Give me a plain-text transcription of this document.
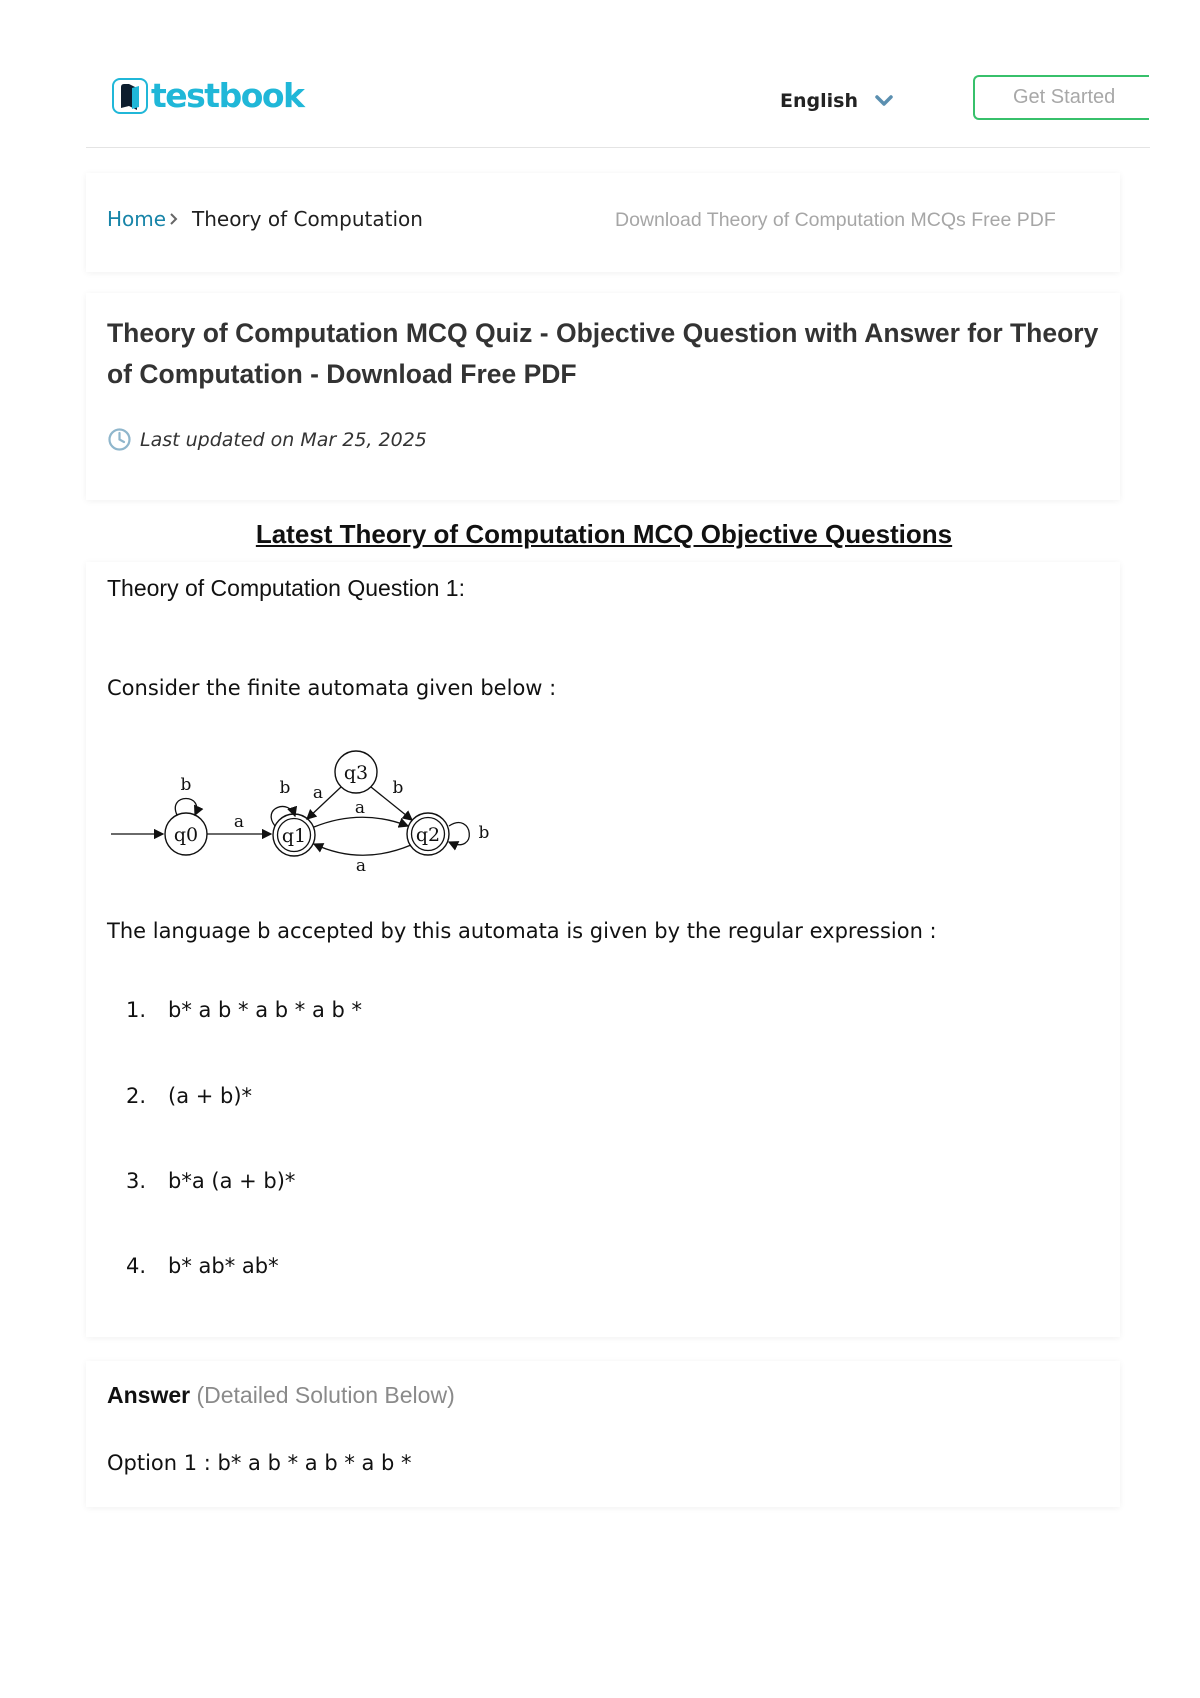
testbook	English	Get Started
Home Theory of Computation	Download Theory of Computation MCQs Free PDF
Theory of Computation MCQ Quiz - Objective Question with Answer for Theory of Computation - Download Free PDF
Last updated on Mar 25, 2025
Latest Theory of Computation MCQ Objective Questions
Theory of Computation Question 1:
Consider the finite automata given below :
q0
b
a
q1
b
q3
a	b
q2
a
a
b
The language b accepted by this automata is given by the regular expression :
1. b* a b * a b * a b *
2. (a + b)*
3. b*a (a + b)*
4. b* ab* ab*
Answer (Detailed Solution Below)
Option 1 : b* a b * a b * a b *
